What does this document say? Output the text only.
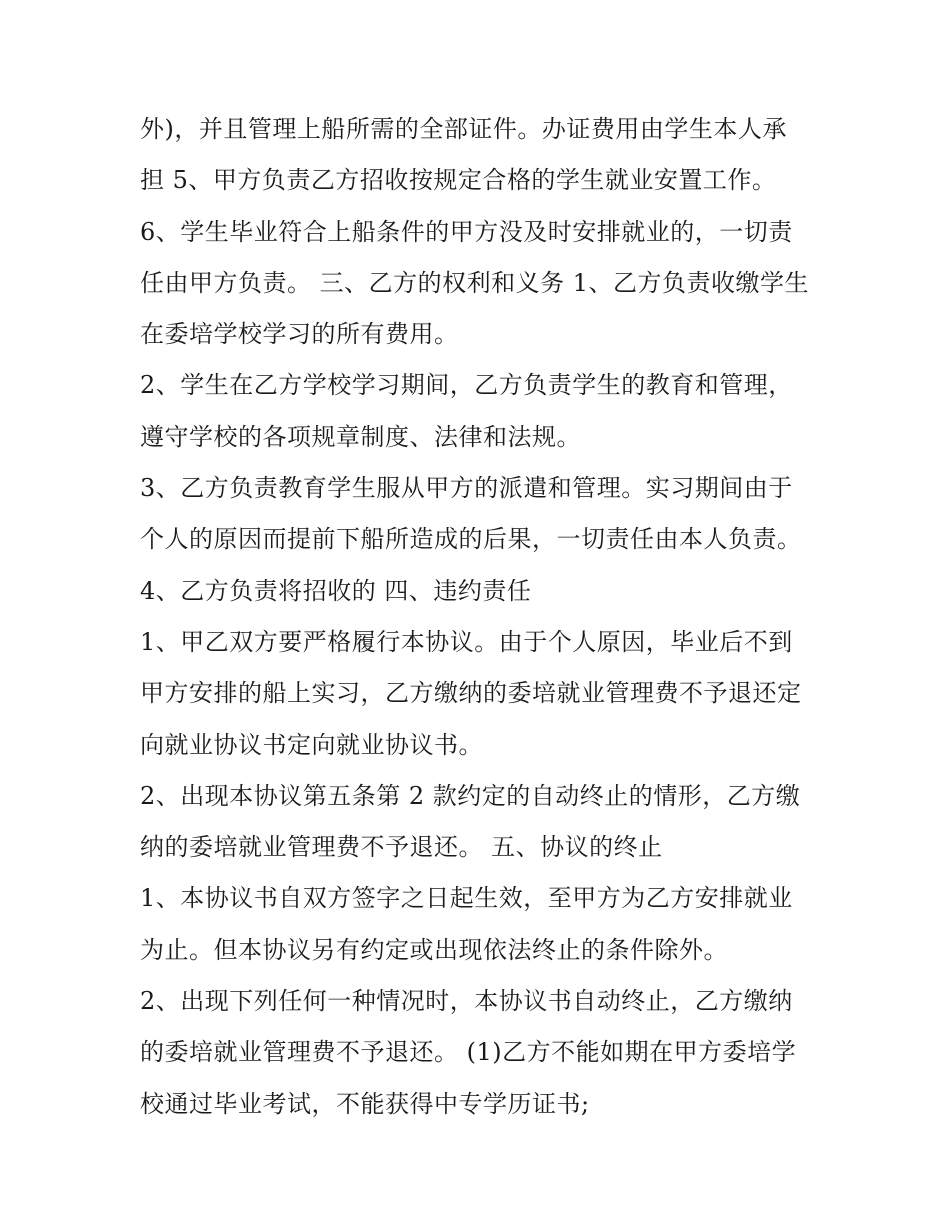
外)，并且管理上船所需的全部证件。办证费用由学生本人承
担 5、甲方负责乙方招收按规定合格的学生就业安置工作。
6、学生毕业符合上船条件的甲方没及时安排就业的，一切责
任由甲方负责。 三、乙方的权利和义务 1、乙方负责收缴学生
在委培学校学习的所有费用。
2、学生在乙方学校学习期间，乙方负责学生的教育和管理，
遵守学校的各项规章制度、法律和法规。
3、乙方负责教育学生服从甲方的派遣和管理。实习期间由于
个人的原因而提前下船所造成的后果，一切责任由本人负责。
4、乙方负责将招收的 四、违约责任
1、甲乙双方要严格履行本协议。由于个人原因，毕业后不到
甲方安排的船上实习，乙方缴纳的委培就业管理费不予退还定
向就业协议书定向就业协议书。
2、出现本协议第五条第 2 款约定的自动终止的情形，乙方缴
纳的委培就业管理费不予退还。 五、协议的终止
1、本协议书自双方签字之日起生效，至甲方为乙方安排就业
为止。但本协议另有约定或出现依法终止的条件除外。
2、出现下列任何一种情况时，本协议书自动终止，乙方缴纳
的委培就业管理费不予退还。 (1)乙方不能如期在甲方委培学
校通过毕业考试，不能获得中专学历证书;
